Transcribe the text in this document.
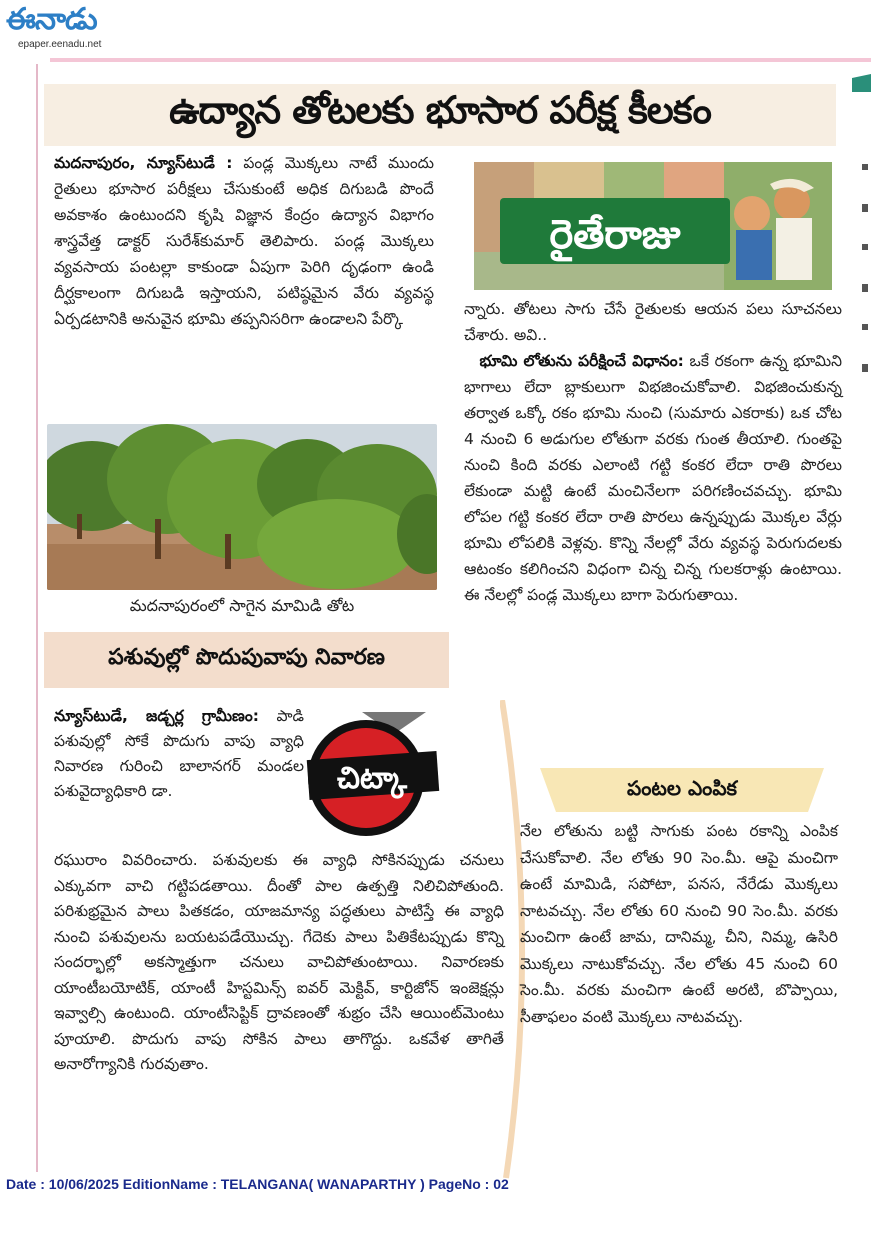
ఈనాడు
epaper.eenadu.net
ఉద్యాన తోటలకు భూసార పరీక్ష కీలకం

మదనాపురం, న్యూస్‌టుడే : పండ్ల మొక్కలు నాటే ముందు రైతులు భూసార పరీక్షలు చేసుకుంటే అధిక దిగుబడి పొందే అవకాశం ఉంటుందని కృషి విజ్ఞాన కేంద్రం ఉద్యాన విభాగం శాస్త్రవేత్త డాక్టర్ సురేశ్‌కుమార్ తెలిపారు. పండ్ల మొక్కలు వ్యవసాయ పంటల్లా కాకుండా ఏపుగా పెరిగి దృఢంగా ఉండి దీర్ఘకాలంగా దిగుబడి ఇస్తాయని, పటిష్ఠమైన వేరు వ్యవస్థ ఏర్పడటానికి అనువైన భూమి తప్పనిసరిగా ఉండాలని పేర్కొ

మదనాపురంలో సాగైన మామిడి తోట
పశువుల్లో పొదుపువాపు నివారణ

న్యూస్‌టుడే, జడ్చర్ల గ్రామీణం: పాడి పశువుల్లో సోకే పొదుగు వాపు వ్యాధి నివారణ గురించి బాలానగర్ మండల పశువైద్యాధికారి డా.	చిట్కా

రఘురాం వివరించారు. పశువులకు ఈ వ్యాధి సోకినప్పుడు చనులు ఎక్కువగా వాచి గట్టిపడతాయి. దీంతో పాల ఉత్పత్తి నిలిచిపోతుంది. పరిశుభ్రమైన పాలు పితకడం, యాజమాన్య పద్ధతులు పాటిస్తే ఈ వ్యాధి నుంచి పశువులను బయటపడేయొచ్చు. గేదెకు పాలు పితికేటప్పుడు కొన్ని సందర్భాల్లో అకస్మాత్తుగా చనులు వాచిపోతుంటాయి. నివారణకు యాంటీబయోటిక్, యాంటీ హిస్టమిన్స్ ఐవర్ మెక్టివ్, కార్టిజోన్ ఇంజెక్షన్లు ఇవ్వాల్సి ఉంటుంది. యాంటీసెప్టిక్ ద్రావణంతో శుభ్రం చేసి ఆయింట్‌మెంటు పూయాలి. పొదుగు వాపు సోకిన పాలు తాగొద్దు. ఒకవేళ తాగితే అనారోగ్యానికి గురవుతాం.

రైతేరాజు

న్నారు. తోటలు సాగు చేసే రైతులకు ఆయన పలు సూచనలు చేశారు. అవి..

 భూమి లోతును పరీక్షించే విధానం: ఒకే రకంగా ఉన్న భూమిని భాగాలు లేదా బ్లాకులుగా విభజించుకోవాలి. విభజించుకున్న తర్వాత ఒక్కో రకం భూమి నుంచి (సుమారు ఎకరాకు) ఒక చోట 4 నుంచి 6 అడుగుల లోతుగా వరకు గుంత తీయాలి. గుంతపై నుంచి కింది వరకు ఎలాంటి గట్టి కంకర లేదా రాతి పొరలు లేకుండా మట్టి ఉంటే మంచినేలగా పరిగణించవచ్చు. భూమి లోపల గట్టి కంకర లేదా రాతి పొరలు ఉన్నప్పుడు మొక్కల వేర్లు భూమి లోపలికి వెళ్లవు. కొన్ని నేలల్లో వేరు వ్యవస్థ పెరుగుదలకు ఆటంకం కలిగించని విధంగా చిన్న చిన్న గులకరాళ్లు ఉంటాయి. ఈ నేలల్లో పండ్ల మొక్కలు బాగా పెరుగుతాయి.

పంటల ఎంపిక

నేల లోతును బట్టి సాగుకు పంట రకాన్ని ఎంపిక చేసుకోవాలి. నేల లోతు 90 సెం.మీ. ఆపై మంచిగా ఉంటే మామిడి, సపోటా, పనస, నేరేడు మొక్కలు నాటవచ్చు. నేల లోతు 60 నుంచి 90 సెం.మీ. వరకు మంచిగా ఉంటే జామ, దానిమ్మ, చీని, నిమ్మ, ఉసిరి మొక్కలు నాటుకోవచ్చు. నేల లోతు 45 నుంచి 60 సెం.మీ. వరకు మంచిగా ఉంటే అరటి, బొప్పాయి, సీతాఫలం వంటి మొక్కలు నాటవచ్చు.

Date : 10/06/2025 EditionName : TELANGANA( WANAPARTHY ) PageNo : 02
